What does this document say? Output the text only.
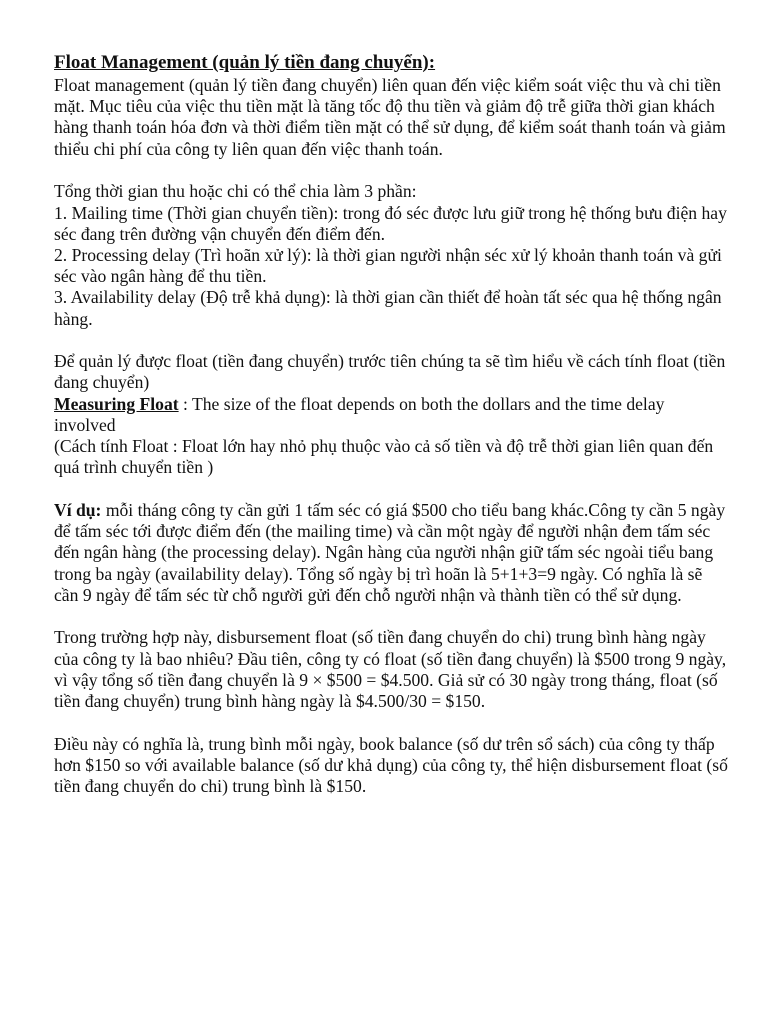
Float Management (quản lý tiền đang chuyển):

Float management (quản lý tiền đang chuyển) liên quan đến việc kiểm soát việc thu và chi tiền mặt. Mục tiêu của việc thu tiền mặt là tăng tốc độ thu tiền và giảm độ trễ giữa thời gian khách hàng thanh toán hóa đơn và thời điểm tiền mặt có thể sử dụng, để kiểm soát thanh toán và giảm thiểu chi phí của công ty liên quan đến việc thanh toán.

Tổng thời gian thu hoặc chi có thể chia làm 3 phần:

1. Mailing time (Thời gian chuyển tiền): trong đó séc được lưu giữ trong hệ thống bưu điện hay séc đang trên đường vận chuyển đến điểm đến.

2. Processing delay (Trì hoãn xử lý): là thời gian người nhận séc xử lý khoản thanh toán và gửi séc vào ngân hàng để thu tiền.

3. Availability delay (Độ trễ khả dụng): là thời gian cần thiết để hoàn tất séc qua hệ thống ngân hàng.

Để quản lý được float (tiền đang chuyển) trước tiên chúng ta sẽ tìm hiểu về cách tính float (tiền đang chuyển)

Measuring Float : The size of the float depends on both the dollars and the time delay involved

(Cách tính Float : Float lớn hay nhỏ phụ thuộc vào cả số tiền và độ trễ thời gian liên quan đến quá trình chuyển tiền )

Ví dụ: mỗi tháng công ty cần gửi 1 tấm séc có giá $500 cho tiểu bang khác.Công ty cần 5 ngày để tấm séc tới được điểm đến (the mailing time) và cần một ngày để người nhận đem tấm séc đến ngân hàng (the processing delay). Ngân hàng của người nhận giữ tấm séc ngoài tiểu bang trong ba ngày (availability delay). Tổng số ngày bị trì hoãn là 5+1+3=9 ngày. Có nghĩa là sẽ cần 9 ngày để tấm séc từ chỗ người gửi đến chỗ người nhận và thành tiền có thể sử dụng.

Trong trường hợp này, disbursement float (số tiền đang chuyển do chi) trung bình hàng ngày của công ty là bao nhiêu? Đầu tiên, công ty có float (số tiền đang chuyển) là $500 trong 9 ngày, vì vậy tổng số tiền đang chuyển là 9 × $500 = $4.500. Giả sử có 30 ngày trong tháng, float (số tiền đang chuyển) trung bình hàng ngày là $4.500/30 = $150.

Điều này có nghĩa là, trung bình mỗi ngày, book balance (số dư trên sổ sách) của công ty thấp hơn $150 so với available balance (số dư khả dụng) của công ty, thể hiện disbursement float (số tiền đang chuyển do chi) trung bình là $150.
